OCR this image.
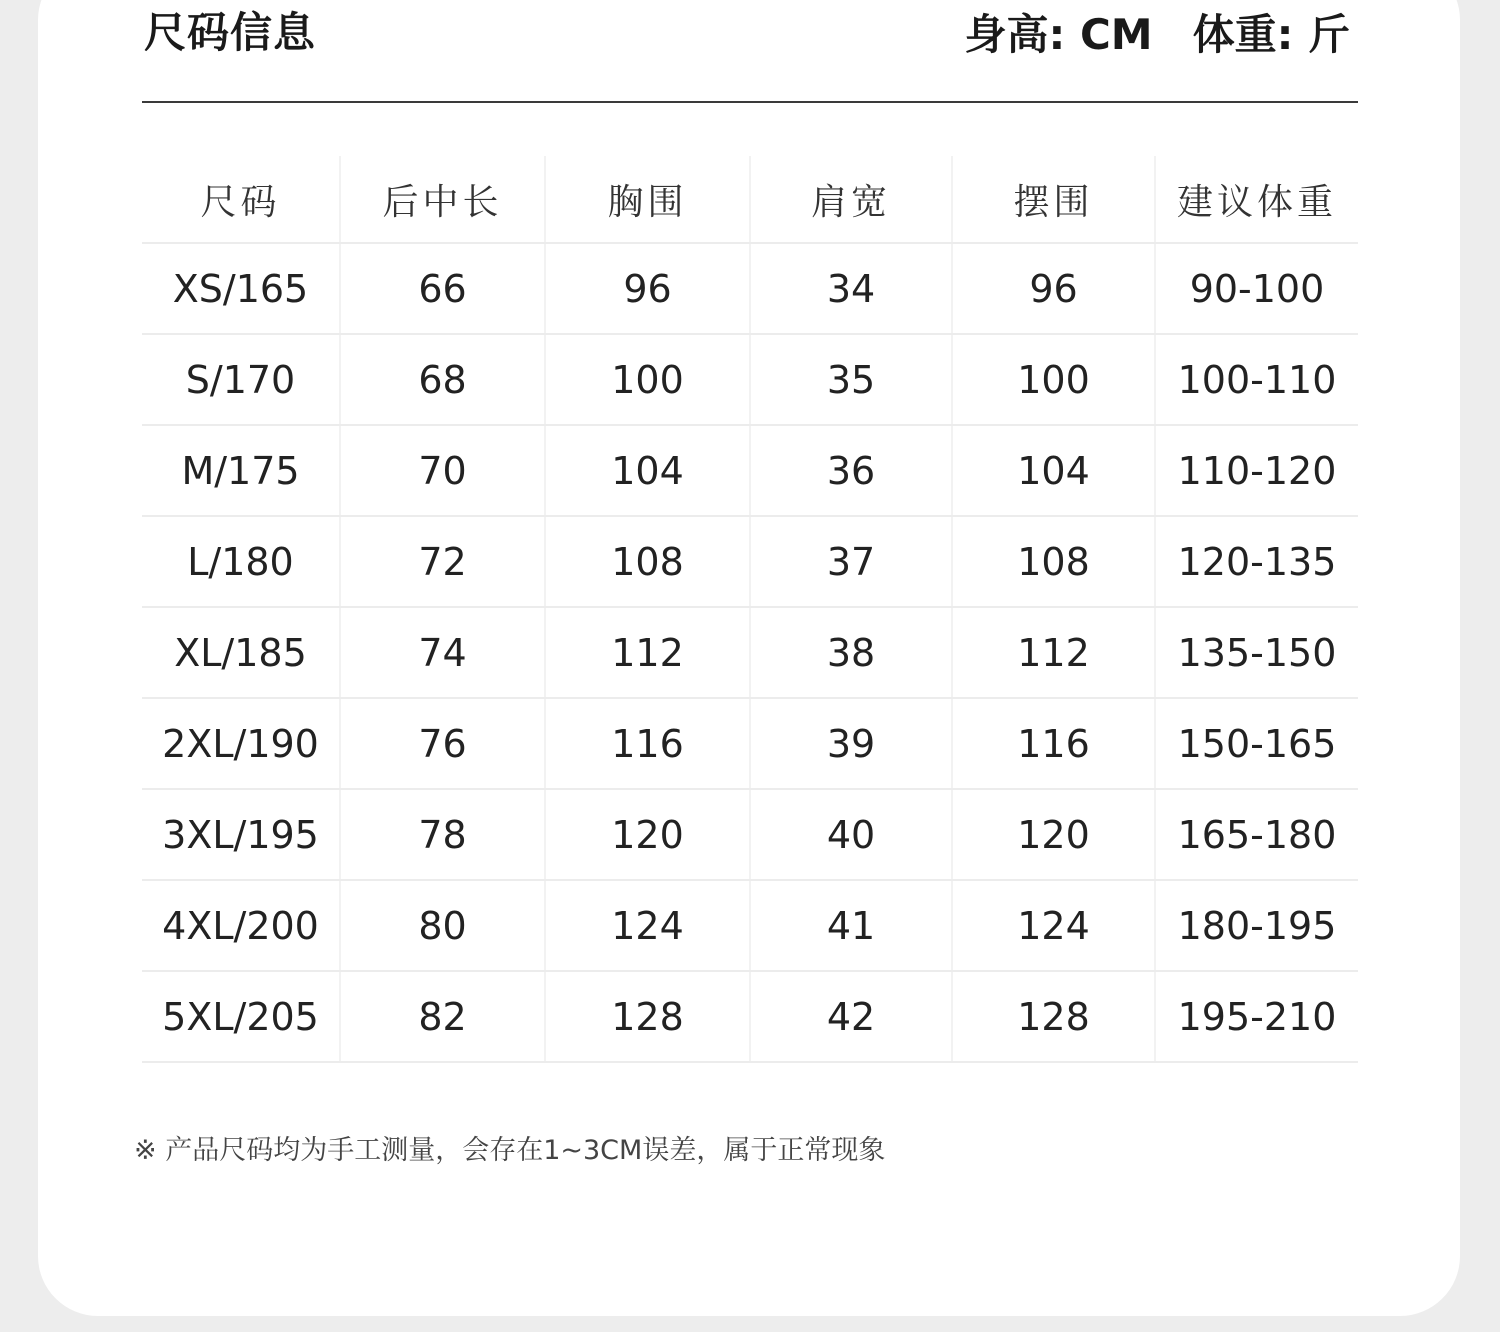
尺码信息	身高: CM 体重: 斤
尺码	后中长	胸围	肩宽	摆围	建议体重
XS/165	66	96	34	96	90-100
S/170	68	100	35	100	100-110
M/175	70	104	36	104	110-120
L/180	72	108	37	108	120-135
XL/185	74	112	38	112	135-150
2XL/190	76	116	39	116	150-165
3XL/195	78	120	40	120	165-180
4XL/200	80	124	41	124	180-195
5XL/205	82	128	42	128	195-210
※ 产品尺码均为手工测量，会存在1~3CM误差，属于正常现象
